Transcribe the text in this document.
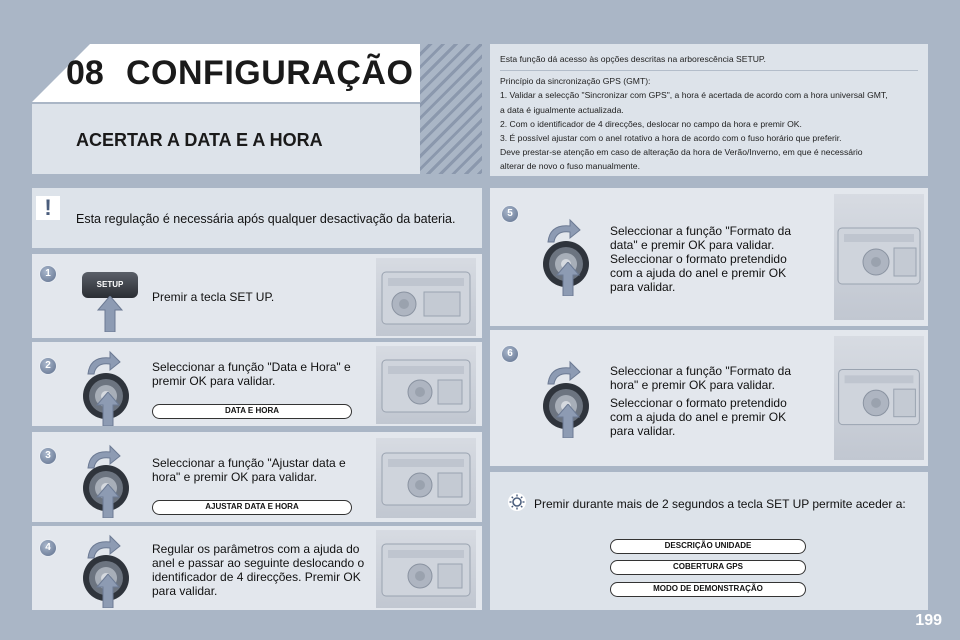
08 CONFIGURAÇÃO
ACERTAR A DATA E A HORA
Esta função dá acesso às opções descritas na arborescência SETUP.
Princípio da sincronização GPS (GMT):
1. Validar a selecção "Sincronizar com GPS", a hora é acertada de acordo com a hora universal GMT,
a data é igualmente actualizada.
2. Com o identificador de 4 direcções, deslocar no campo da hora e premir OK.
3. É possível ajustar com o anel rotativo a hora de acordo com o fuso horário que preferir.
Deve prestar-se atenção em caso de alteração da hora de Verão/Inverno, em que é necessário
alterar de novo o fuso manualmente.
!	Esta regulação é necessária após qualquer desactivação da bateria.
1
SETUP
Premir a tecla SET UP.
2	Seleccionar a função "Data e Hora" e premir OK para validar.
DATA E HORA
3
Seleccionar a função "Ajustar data e hora" e premir OK para validar.
AJUSTAR DATA E HORA
4	Regular os parâmetros com a ajuda do anel e passar ao seguinte deslocando o identificador de 4 direcções. Premir OK para validar.
5
Seleccionar a função "Formato da data" e premir OK para validar. Seleccionar o formato pretendido com a ajuda do anel e premir OK para validar.
6
Seleccionar a função "Formato da hora" e premir OK para validar.
Seleccionar o formato pretendido com a ajuda do anel e premir OK para validar.
Premir durante mais de 2 segundos a tecla SET UP permite aceder a:
DESCRIÇÃO UNIDADE
COBERTURA GPS
MODO DE DEMONSTRAÇÃO
199
